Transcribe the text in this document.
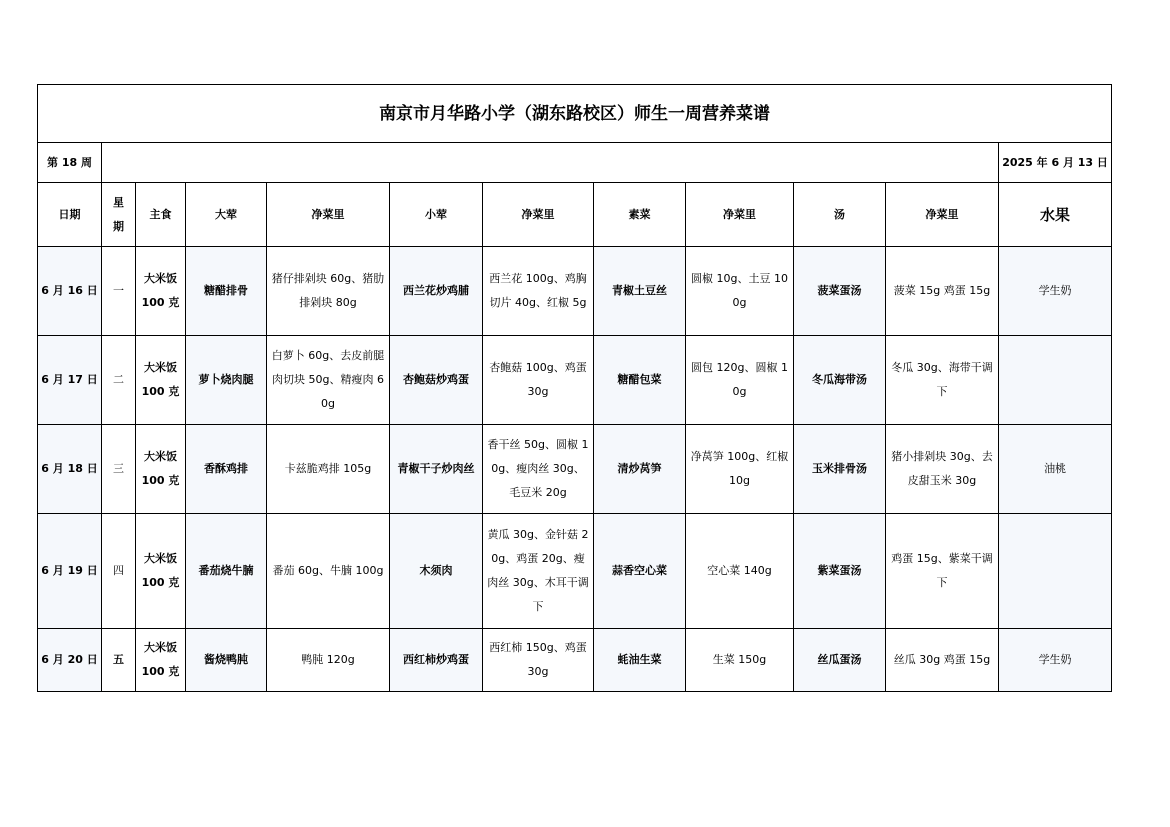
南京市月华路小学（湖东路校区）师生一周营养菜谱											
第 18 周											2025 年 6 月 13 日
日期	星期	主食	大荤	净菜里	小荤	净菜里	素菜	净菜里	汤	净菜里	水果
6 月 16 日	一	大米饭 100 克	糖醋排骨	猪仔排剁块 60g、猪肋排剁块 80g	西兰花炒鸡脯	西兰花 100g、鸡胸切片 40g、红椒 5g	青椒土豆丝	圆椒 10g、土豆 100g	菠菜蛋汤	菠菜 15g 鸡蛋 15g	学生奶
6 月 17 日	二	大米饭 100 克	萝卜烧肉腿	白萝卜 60g、去皮前腿肉切块 50g、精瘦肉 60g	杏鲍菇炒鸡蛋	杏鲍菇 100g、鸡蛋 30g	糖醋包菜	圆包 120g、圆椒 10g	冬瓜海带汤	冬瓜 30g、海带干调下	
6 月 18 日	三	大米饭 100 克	香酥鸡排	卡兹脆鸡排 105g	青椒干子炒肉丝	香干丝 50g、圆椒 10g、瘦肉丝 30g、毛豆米 20g	清炒莴笋	净莴笋 100g、红椒 10g	玉米排骨汤	猪小排剁块 30g、去皮甜玉米 30g	油桃
6 月 19 日	四	大米饭 100 克	番茄烧牛腩	番茄 60g、牛腩 100g	木须肉	黄瓜 30g、金针菇 20g、鸡蛋 20g、瘦肉丝 30g、木耳干调下	蒜香空心菜	空心菜 140g	紫菜蛋汤	鸡蛋 15g、紫菜干调下	
6 月 20 日	五	大米饭 100 克	酱烧鸭肫	鸭肫 120g	西红柿炒鸡蛋	西红柿 150g、鸡蛋 30g	蚝油生菜	生菜 150g	丝瓜蛋汤	丝瓜 30g 鸡蛋 15g	学生奶
